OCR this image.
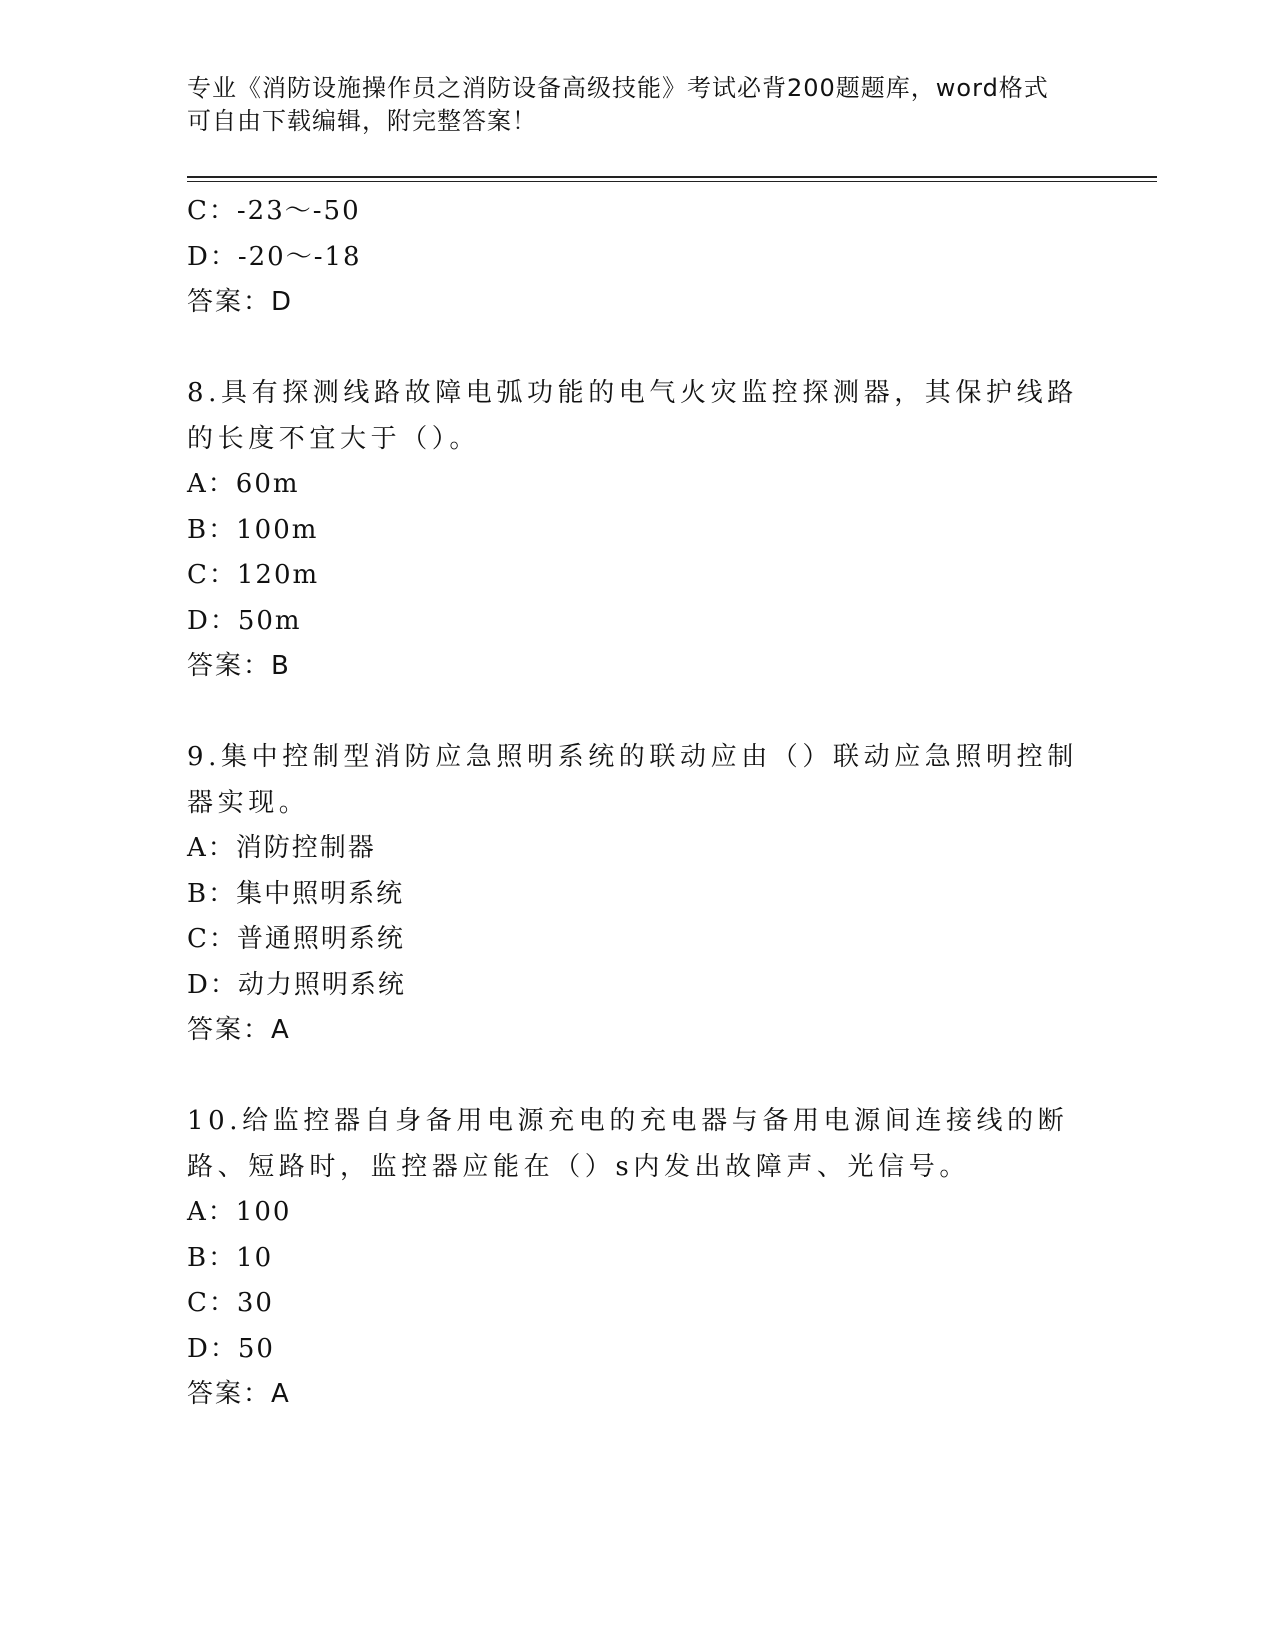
专业《消防设施操作员之消防设备高级技能》考试必背200题题库，word格式可自由下载编辑，附完整答案！
C：-23～-50
D：-20～-18
答案：D
8.具有探测线路故障电弧功能的电气火灾监控探测器，其保护线路的长度不宜大于（）。
A：60m
B：100m
C：120m
D：50m
答案：B
9.集中控制型消防应急照明系统的联动应由（）联动应急照明控制器实现。
A：消防控制器
B：集中照明系统
C：普通照明系统
D：动力照明系统
答案：A
10.给监控器自身备用电源充电的充电器与备用电源间连接线的断路、短路时，监控器应能在（）s内发出故障声、光信号。
A：100
B：10
C：30
D：50
答案：A
